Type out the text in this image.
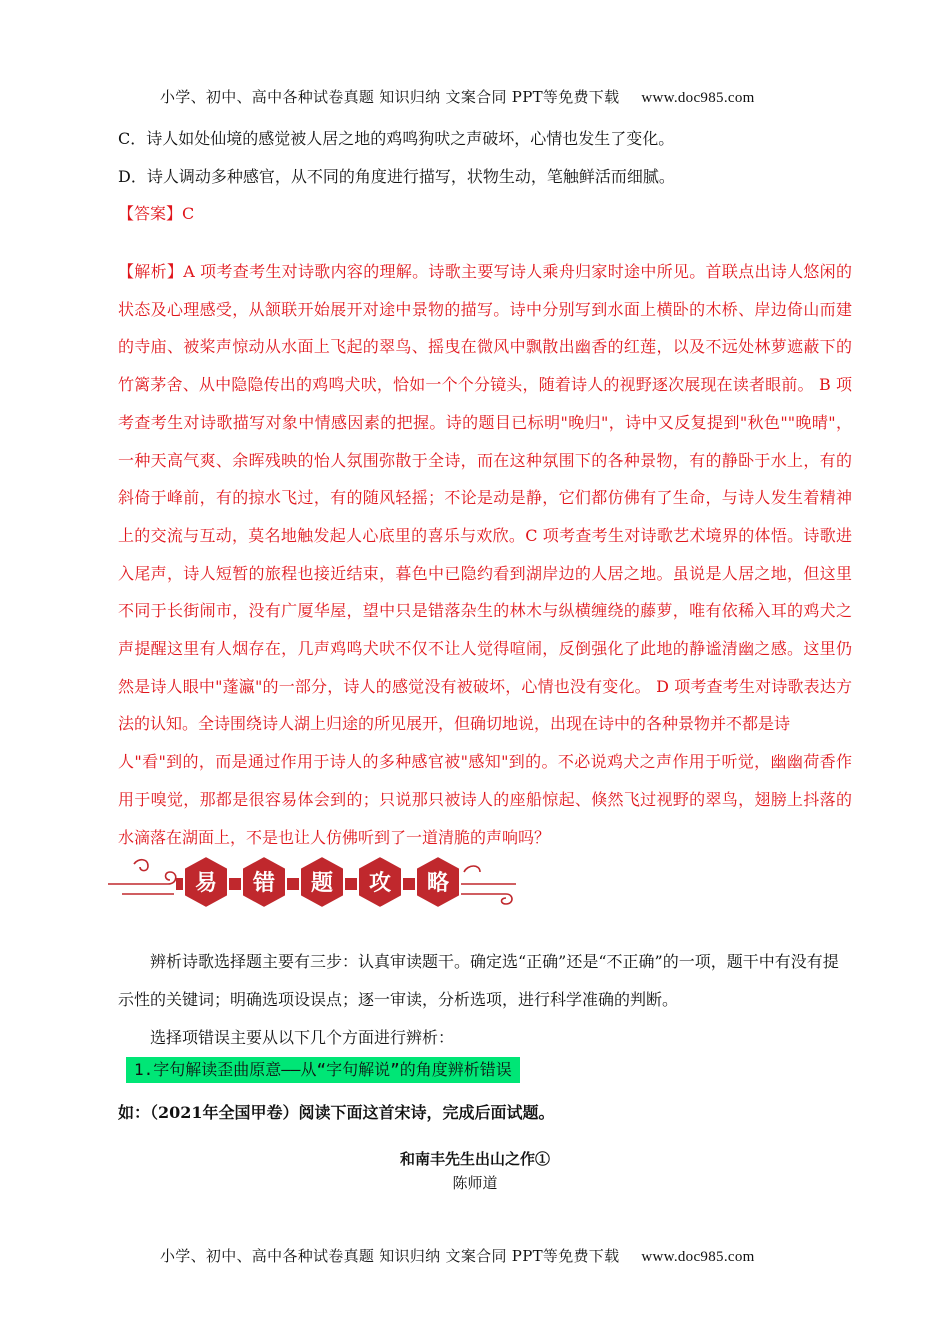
小学、初中、高中各种试卷真题 知识归纳 文案合同 PPT等免费下载 www.doc985.com
C．诗人如处仙境的感觉被人居之地的鸡鸣狗吠之声破坏，心情也发生了变化。
D．诗人调动多种感官，从不同的角度进行描写，状物生动，笔触鲜活而细腻。
【答案】C

【解析】A 项考查考生对诗歌内容的理解。诗歌主要写诗人乘舟归家时途中所见。首联点出诗人悠闲的

状态及心理感受，从颔联开始展开对途中景物的描写。诗中分别写到水面上横卧的木桥、岸边倚山而建

的寺庙、被桨声惊动从水面上飞起的翠鸟、摇曳在微风中飘散出幽香的红莲，以及不远处林萝遮蔽下的

竹篱茅舍、从中隐隐传出的鸡鸣犬吠，恰如一个个分镜头，随着诗人的视野逐次展现在读者眼前。 B 项

考查考生对诗歌描写对象中情感因素的把握。诗的题目已标明"晚归"，诗中又反复提到"秋色""晚晴"，

一种天高气爽、余晖残映的怡人氛围弥散于全诗，而在这种氛围下的各种景物，有的静卧于水上，有的

斜倚于峰前，有的掠水飞过，有的随风轻摇；不论是动是静，它们都仿佛有了生命，与诗人发生着精神

上的交流与互动，莫名地触发起人心底里的喜乐与欢欣。C 项考查考生对诗歌艺术境界的体悟。诗歌进

入尾声，诗人短暂的旅程也接近结束，暮色中已隐约看到湖岸边的人居之地。虽说是人居之地，但这里

不同于长街闹市，没有广厦华屋，望中只是错落杂生的林木与纵横缠绕的藤萝，唯有依稀入耳的鸡犬之

声提醒这里有人烟存在，几声鸡鸣犬吠不仅不让人觉得喧闹，反倒强化了此地的静谧清幽之感。这里仍

然是诗人眼中"蓬瀛"的一部分，诗人的感觉没有被破坏，心情也没有变化。 D 项考查考生对诗歌表达方

法的认知。全诗围绕诗人湖上归途的所见展开，但确切地说，出现在诗中的各种景物并不都是诗

人"看"到的，而是通过作用于诗人的多种感官被"感知"到的。不必说鸡犬之声作用于听觉，幽幽荷香作

用于嗅觉，那都是很容易体会到的；只说那只被诗人的座船惊起、倏然飞过视野的翠鸟，翅膀上抖落的

水滴落在湖面上，不是也让人仿佛听到了一道清脆的声响吗？

易 错 题 攻 略
辨析诗歌选择题主要有三步：认真审读题干。确定选“正确”还是“不正确”的一项，题干中有没有提示性的关键词；明确选项设误点；逐一审读，分析选项，进行科学准确的判断。
选择项错误主要从以下几个方面进行辨析：
1.字句解读歪曲原意——从“字句解说”的角度辨析错误
如：（2021年全国甲卷）阅读下面这首宋诗，完成后面试题。
和南丰先生出山之作①
陈师道
小学、初中、高中各种试卷真题 知识归纳 文案合同 PPT等免费下载 www.doc985.com
